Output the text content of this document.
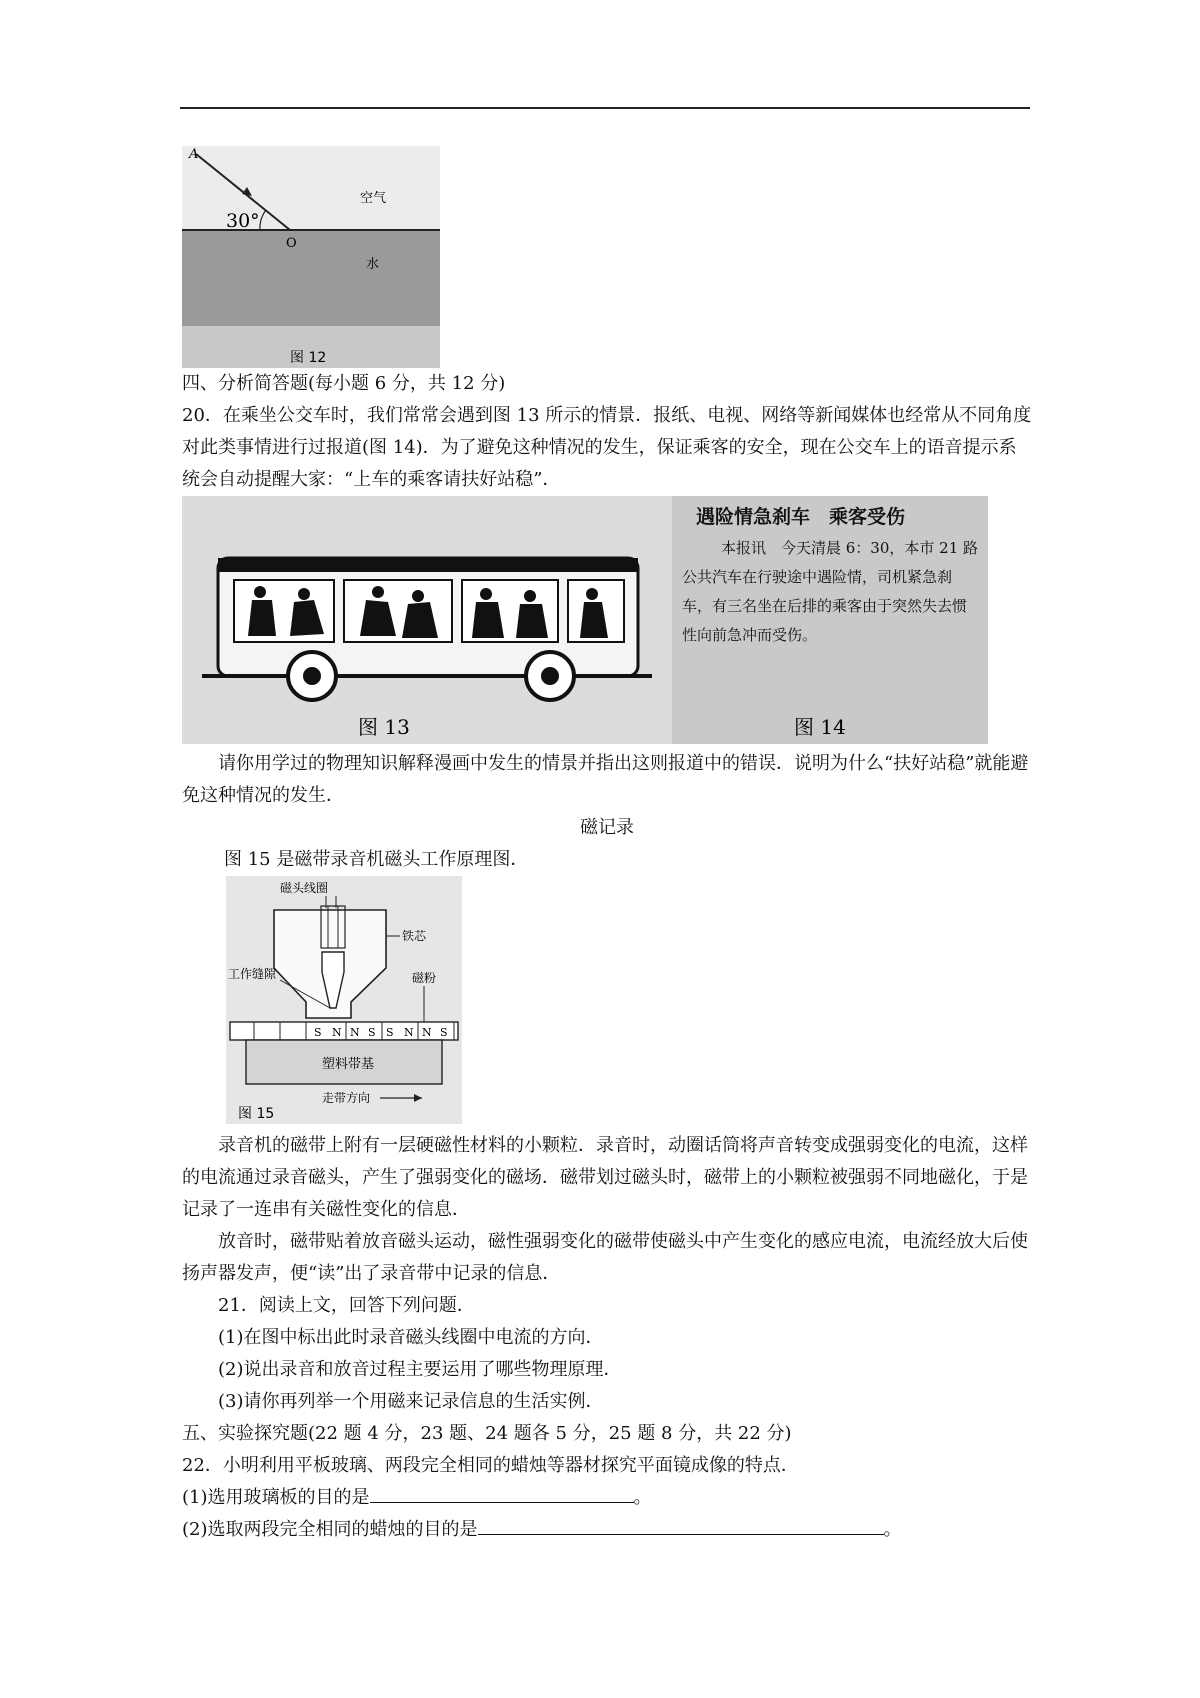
A
30°
O
空气
水
图 12

四、分析简答题(每小题 6 分，共 12 分)

20．在乘坐公交车时，我们常常会遇到图 13 所示的情景．报纸、电视、网络等新闻媒体也经常从不同角度对此类事情进行过报道(图 14)．为了避免这种情况的发生，保证乘客的安全，现在公交车上的语音提示系统会自动提醒大家：“上车的乘客请扶好站稳”．

图 13	图 14
遇险情急刹车　乘客受伤
本报讯　今天清晨 6：30，本市 21 路公共汽车在行驶途中遇险情，司机紧急刹车，有三名坐在后排的乘客由于突然失去惯性向前急冲而受伤。

请你用学过的物理知识解释漫画中发生的情景并指出这则报道中的错误．说明为什么“扶好站稳”就能避免这种情况的发生．

磁记录

图 15 是磁带录音机磁头工作原理图．

磁头线圈
铁芯
工作缝隙	磁粉
S N N S S N N S
塑料带基
走带方向
图 15

录音机的磁带上附有一层硬磁性材料的小颗粒．录音时，动圈话筒将声音转变成强弱变化的电流，这样的电流通过录音磁头，产生了强弱变化的磁场．磁带划过磁头时，磁带上的小颗粒被强弱不同地磁化，于是记录了一连串有关磁性变化的信息．

放音时，磁带贴着放音磁头运动，磁性强弱变化的磁带使磁头中产生变化的感应电流，电流经放大后使扬声器发声，便“读”出了录音带中记录的信息．

21．阅读上文，回答下列问题．

(1)在图中标出此时录音磁头线圈中电流的方向．

(2)说出录音和放音过程主要运用了哪些物理原理．

(3)请你再列举一个用磁来记录信息的生活实例．

五、实验探究题(22 题 4 分，23 题、24 题各 5 分，25 题 8 分，共 22 分)

22．小明利用平板玻璃、两段完全相同的蜡烛等器材探究平面镜成像的特点．

(1)选用玻璃板的目的是	。

(2)选取两段完全相同的蜡烛的目的是	。
